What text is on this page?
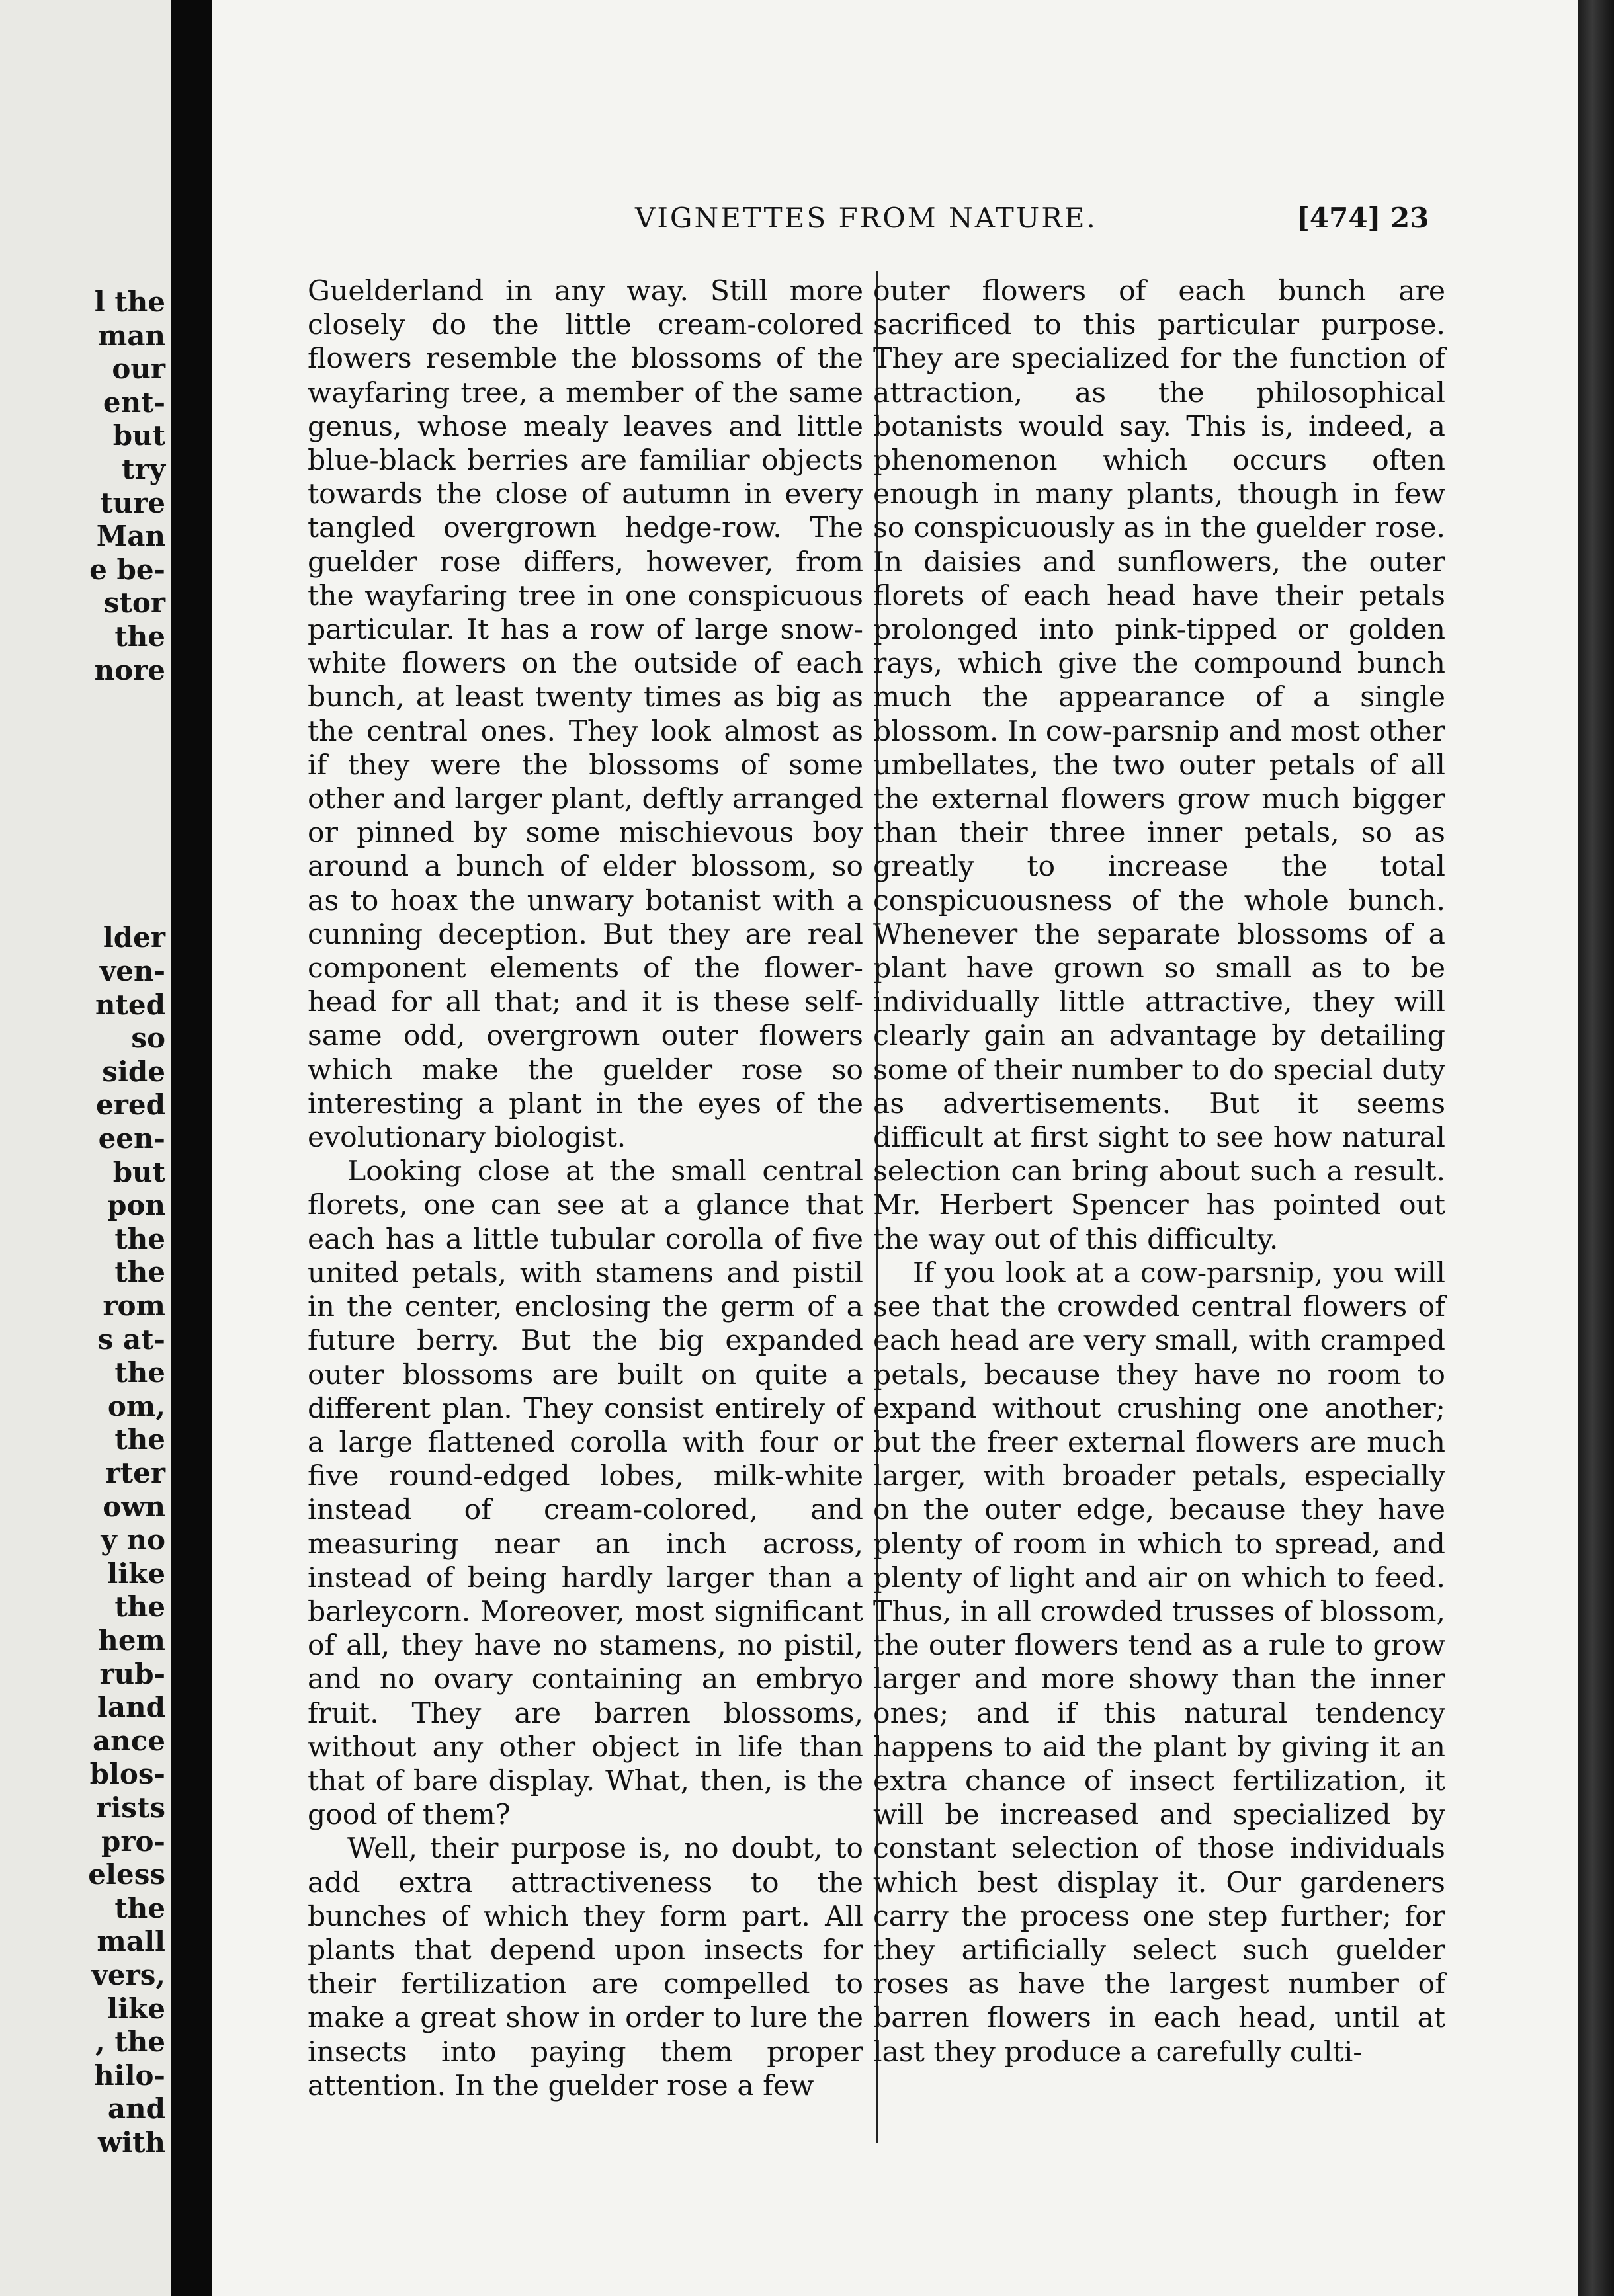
l the
man
our
ent-
but
try
ture
Man
e be-
stor
the
nore
lder
ven-
nted
so
side
ered
een-
but
pon
the
the
rom
s at-
the
om,
the
rter
own
y no
like
the
hem
rub-
land
ance
blos-
rists
pro-
eless
the
mall
vers,
like
, the
hilo-
and
with
VIGNETTES FROM NATURE.	[474] 23

Guelderland in any way. Still more closely do the little cream-colored flowers resemble the blossoms of the wayfaring tree, a member of the same genus, whose mealy leaves and little blue-black berries are familiar objects towards the close of autumn in every tangled overgrown hedge-row. The guelder rose differs, however, from the wayfaring tree in one conspicuous particular. It has a row of large snow-white flowers on the outside of each bunch, at least twenty times as big as the central ones. They look almost as if they were the blossoms of some other and larger plant, deftly arranged or pinned by some mischievous boy around a bunch of elder blossom, so as to hoax the unwary botanist with a cunning deception. But they are real component elements of the flower-head for all that; and it is these self-same odd, overgrown outer flowers which make the guelder rose so interesting a plant in the eyes of the evolutionary biologist.

Looking close at the small central florets, one can see at a glance that each has a little tubular corolla of five united petals, with stamens and pistil in the center, enclosing the germ of a future berry. But the big expanded outer blossoms are built on quite a different plan. They consist entirely of a large flattened corolla with four or five round-edged lobes, milk-white instead of cream-colored, and measuring near an inch across, instead of being hardly larger than a barleycorn. Moreover, most significant of all, they have no stamens, no pistil, and no ovary containing an embryo fruit. They are barren blossoms, without any other object in life than that of bare display. What, then, is the good of them?

Well, their purpose is, no doubt, to add extra attractiveness to the bunches of which they form part. All plants that depend upon insects for their fertilization are compelled to make a great show in order to lure the insects into paying them proper attention. In the guelder rose a few

outer flowers of each bunch are sacrificed to this particular purpose. They are specialized for the function of attraction, as the philosophical botanists would say. This is, indeed, a phenomenon which occurs often enough in many plants, though in few so conspicuously as in the guelder rose. In daisies and sunflowers, the outer florets of each head have their petals prolonged into pink-tipped or golden rays, which give the compound bunch much the appearance of a single blossom. In cow-parsnip and most other umbellates, the two outer petals of all the external flowers grow much bigger than their three inner petals, so as greatly to increase the total conspicuousness of the whole bunch. Whenever the separate blossoms of a plant have grown so small as to be individually little attractive, they will clearly gain an advantage by detailing some of their number to do special duty as advertisements. But it seems difficult at first sight to see how natural selection can bring about such a result. Mr. Herbert Spencer has pointed out the way out of this difficulty.

If you look at a cow-parsnip, you will see that the crowded central flowers of each head are very small, with cramped petals, because they have no room to expand without crushing one another; but the freer external flowers are much larger, with broader petals, especially on the outer edge, because they have plenty of room in which to spread, and plenty of light and air on which to feed. Thus, in all crowded trusses of blossom, the outer flowers tend as a rule to grow larger and more showy than the inner ones; and if this natural tendency happens to aid the plant by giving it an extra chance of insect fertilization, it will be increased and specialized by constant selection of those individuals which best display it. Our gardeners carry the process one step further; for they artificially select such guelder roses as have the largest number of barren flowers in each head, until at last they produce a carefully culti-
